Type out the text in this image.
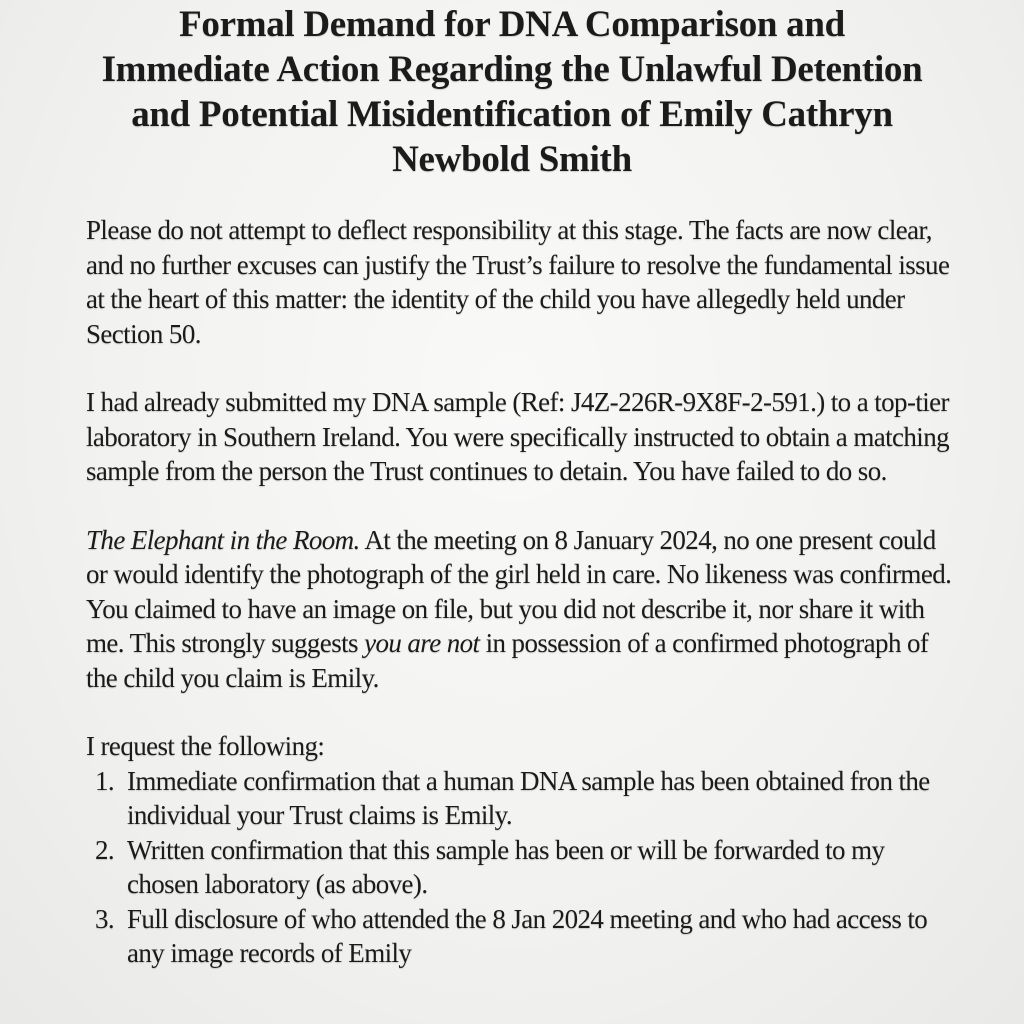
Formal Demand for DNA Comparison and
Immediate Action Regarding the Unlawful Detention
and Potential Misidentification of Emily Cathryn
Newbold Smith

Please do not attempt to deflect responsibility at this stage. The facts are now clear, and no further excuses can justify the Trust’s failure to resolve the fundamental issue at the heart of this matter: the identity of the child you have allegedly held under Section 50.

I had already submitted my DNA sample (Ref: J4Z-226R-9X8F-2-591.) to a top-tier laboratory in Southern Ireland. You were specifically instructed to obtain a matching sample from the person the Trust continues to detain. You have failed to do so.

The Elephant in the Room. At the meeting on 8 January 2024, no one present could or would identify the photograph of the girl held in care. No likeness was confirmed. You claimed to have an image on file, but you did not describe it, nor share it with me. This strongly suggests you are not in possession of a confirmed photograph of the child you claim is Emily.

I request the following:

1. Immediate confirmation that a human DNA sample has been obtained fron the individual your Trust claims is Emily.
2. Written confirmation that this sample has been or will be forwarded to my chosen laboratory (as above).
3. Full disclosure of who attended the 8 Jan 2024 meeting and who had access to any image records of Emily
